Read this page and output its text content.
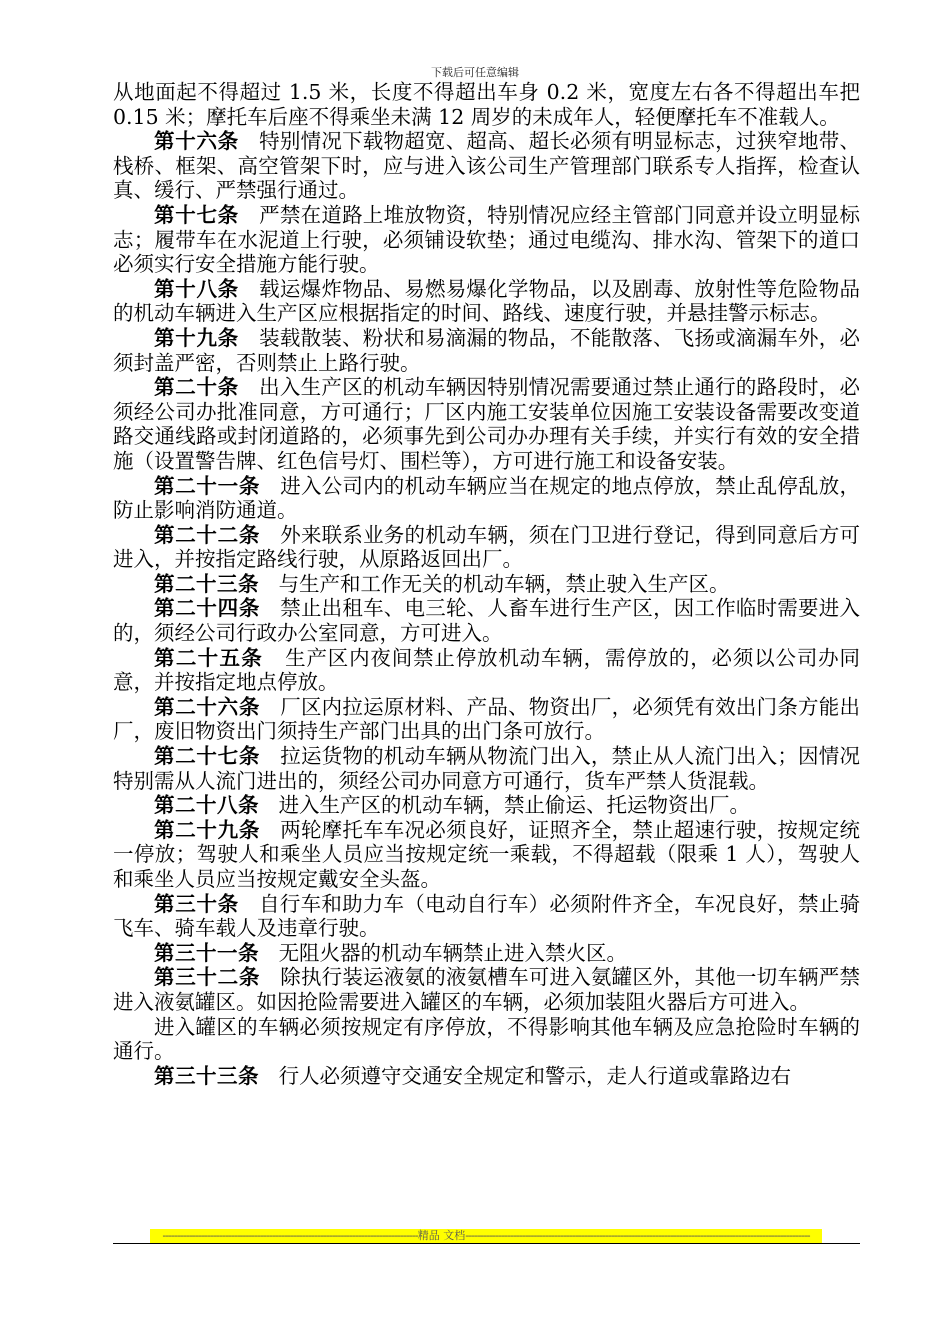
下载后可任意编辑

从地面起不得超过 1.5 米，长度不得超出车身 0.2 米，宽度左右各不得超出车把 0.15 米；摩托车后座不得乘坐未满 12 周岁的未成年人，轻便摩托车不准载人。

第十六条 特别情况下载物超宽、超高、超长必须有明显标志，过狭窄地带、栈桥、框架、高空管架下时，应与进入该公司生产管理部门联系专人指挥，检查认真、缓行、严禁强行通过。

第十七条 严禁在道路上堆放物资，特别情况应经主管部门同意并设立明显标志；履带车在水泥道上行驶，必须铺设软垫；通过电缆沟、排水沟、管架下的道口必须实行安全措施方能行驶。

第十八条 载运爆炸物品、易燃易爆化学物品，以及剧毒、放射性等危险物品的机动车辆进入生产区应根据指定的时间、路线、速度行驶，并悬挂警示标志。

第十九条 装载散装、粉状和易滴漏的物品，不能散落、飞扬或滴漏车外，必须封盖严密，否则禁止上路行驶。

第二十条 出入生产区的机动车辆因特别情况需要通过禁止通行的路段时，必须经公司办批准同意，方可通行；厂区内施工安装单位因施工安装设备需要改变道路交通线路或封闭道路的，必须事先到公司办办理有关手续，并实行有效的安全措施（设置警告牌、红色信号灯、围栏等），方可进行施工和设备安装。

第二十一条 进入公司内的机动车辆应当在规定的地点停放，禁止乱停乱放，防止影响消防通道。

第二十二条 外来联系业务的机动车辆，须在门卫进行登记，得到同意后方可进入，并按指定路线行驶，从原路返回出厂。

第二十三条 与生产和工作无关的机动车辆，禁止驶入生产区。

第二十四条 禁止出租车、电三轮、人畜车进行生产区，因工作临时需要进入的，须经公司行政办公室同意，方可进入。

第二十五条 生产区内夜间禁止停放机动车辆，需停放的，必须以公司办同意，并按指定地点停放。

第二十六条 厂区内拉运原材料、产品、物资出厂，必须凭有效出门条方能出厂，废旧物资出门须持生产部门出具的出门条可放行。

第二十七条 拉运货物的机动车辆从物流门出入，禁止从人流门出入；因情况特别需从人流门进出的，须经公司办同意方可通行，货车严禁人货混载。

第二十八条 进入生产区的机动车辆，禁止偷运、托运物资出厂。

第二十九条 两轮摩托车车况必须良好，证照齐全，禁止超速行驶，按规定统一停放；驾驶人和乘坐人员应当按规定统一乘载，不得超载（限乘 1 人），驾驶人和乘坐人员应当按规定戴安全头盔。

第三十条 自行车和助力车（电动自行车）必须附件齐全，车况良好，禁止骑飞车、骑车载人及违章行驶。

第三十一条 无阻火器的机动车辆禁止进入禁火区。

第三十二条 除执行装运液氨的液氨槽车可进入氨罐区外，其他一切车辆严禁进入液氨罐区。如因抢险需要进入罐区的车辆，必须加装阻火器后方可进入。

进入罐区的车辆必须按规定有序停放，不得影响其他车辆及应急抢险时车辆的通行。

第三十三条 行人必须遵守交通安全规定和警示，走人行道或靠路边右

--------------------------------------------------------------------------------------精品 文档--------------------------------------------------------------------------------------------------------------------
